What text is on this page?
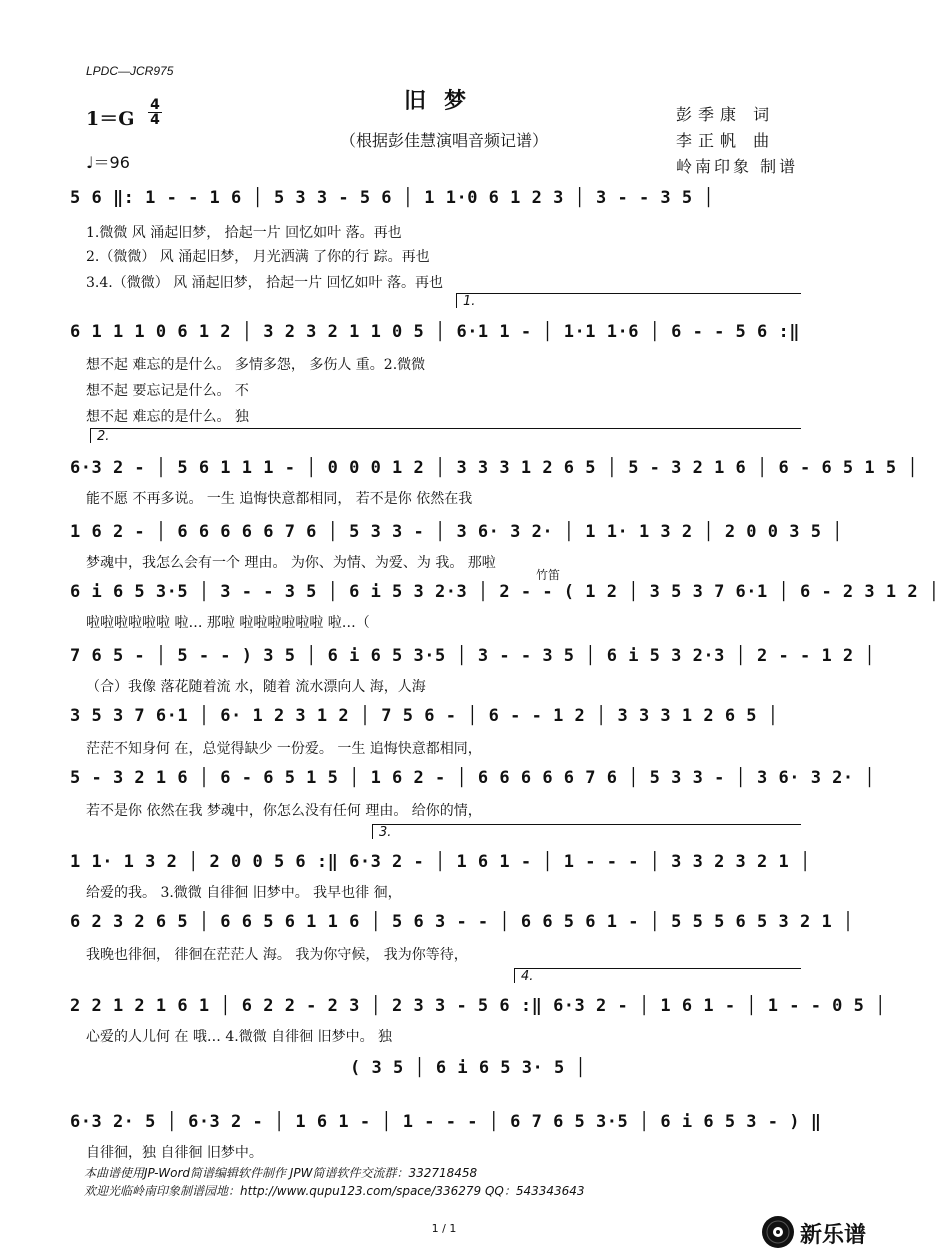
LPDC—JCR975
1＝G
4
4
♩＝96
旧梦
（根据彭佳慧演唱音频记谱）
彭季康 词
李正帆 曲
岭南印象 制谱
5 6 ‖: 1 - - 1 6 │ 5 3 3 - 5 6 │ 1 1·0 6 1 2 3 │ 3 - - 3 5 │
1.微微 风 涌起旧梦， 拾起一片 回忆如叶 落。再也
2.（微微） 风 涌起旧梦， 月光洒满 了你的行 踪。再也
3.4.（微微） 风 涌起旧梦， 拾起一片 回忆如叶 落。再也
1.
6 1 1 1 0 6 1 2 │ 3 2 3 2 1 1 0 5 │ 6·1 1 - │ 1·1 1·6 │ 6 - - 5 6 :‖
想不起 难忘的是什么。 多情多怨， 多伤人 重。2.微微
想不起 要忘记是什么。 不
想不起 难忘的是什么。 独
2.
6·3 2 - │ 5 6 1 1 1 - │ 0 0 0 1 2 │ 3 3 3 1 2 6 5 │ 5 - 3 2 1 6 │ 6 - 6 5 1 5 │
能不愿 不再多说。 一生 追悔快意都相同， 若不是你 依然在我
1 6 2 - │ 6 6 6 6 6 7 6 │ 5 3 3 - │ 3 6· 3 2· │ 1 1· 1 3 2 │ 2 0 0 3 5 │
梦魂中，我怎么会有一个 理由。 为你、为情、为爱、为 我。 那啦
竹笛
6 i 6 5 3·5 │ 3 - - 3 5 │ 6 i 5 3 2·3 │ 2 - - ( 1 2 │ 3 5 3 7 6·1 │ 6 - 2 3 1 2 │
啦啦啦啦啦啦 啦… 那啦 啦啦啦啦啦啦 啦…（
7 6 5 - │ 5 - - ) 3 5 │ 6 i 6 5 3·5 │ 3 - - 3 5 │ 6 i 5 3 2·3 │ 2 - - 1 2 │
（合）我像 落花随着流 水，随着 流水漂向人 海，人海
3 5 3 7 6·1 │ 6· 1 2 3 1 2 │ 7 5 6 - │ 6 - - 1 2 │ 3 3 3 1 2 6 5 │
茫茫不知身何 在，总觉得缺少 一份爱。 一生 追悔快意都相同，
5 - 3 2 1 6 │ 6 - 6 5 1 5 │ 1 6 2 - │ 6 6 6 6 6 7 6 │ 5 3 3 - │ 3 6· 3 2· │
若不是你 依然在我 梦魂中，你怎么没有任何 理由。 给你的情，
3.
1 1· 1 3 2 │ 2 0 0 5 6 :‖ 6·3 2 - │ 1 6 1 - │ 1 - - - │ 3 3 2 3 2 1 │
给爱的我。 3.微微 自徘徊 旧梦中。 我早也徘 徊，
6 2 3 2 6 5 │ 6 6 5 6 1 1 6 │ 5 6 3 - - │ 6 6 5 6 1 - │ 5 5 5 6 5 3 2 1 │
我晚也徘徊， 徘徊在茫茫人 海。 我为你守候， 我为你等待，
4.
2 2 1 2 1 6 1 │ 6 2 2 - 2 3 │ 2 3 3 - 5 6 :‖ 6·3 2 - │ 1 6 1 - │ 1 - - 0 5 │
心爱的人儿何 在 哦… 4.微微 自徘徊 旧梦中。 独
( 3 5 │ 6 i 6 5 3· 5 │
6·3 2· 5 │ 6·3 2 - │ 1 6 1 - │ 1 - - - │ 6 7 6 5 3·5 │ 6 i 6 5 3 - ) ‖
自徘徊，独 自徘徊 旧梦中。
本曲谱使用JP-Word简谱编辑软件制作 JPW简谱软件交流群：332718458
欢迎光临岭南印象制谱园地：http://www.qupu123.com/space/336279 QQ：543343643
1 / 1	新乐谱
